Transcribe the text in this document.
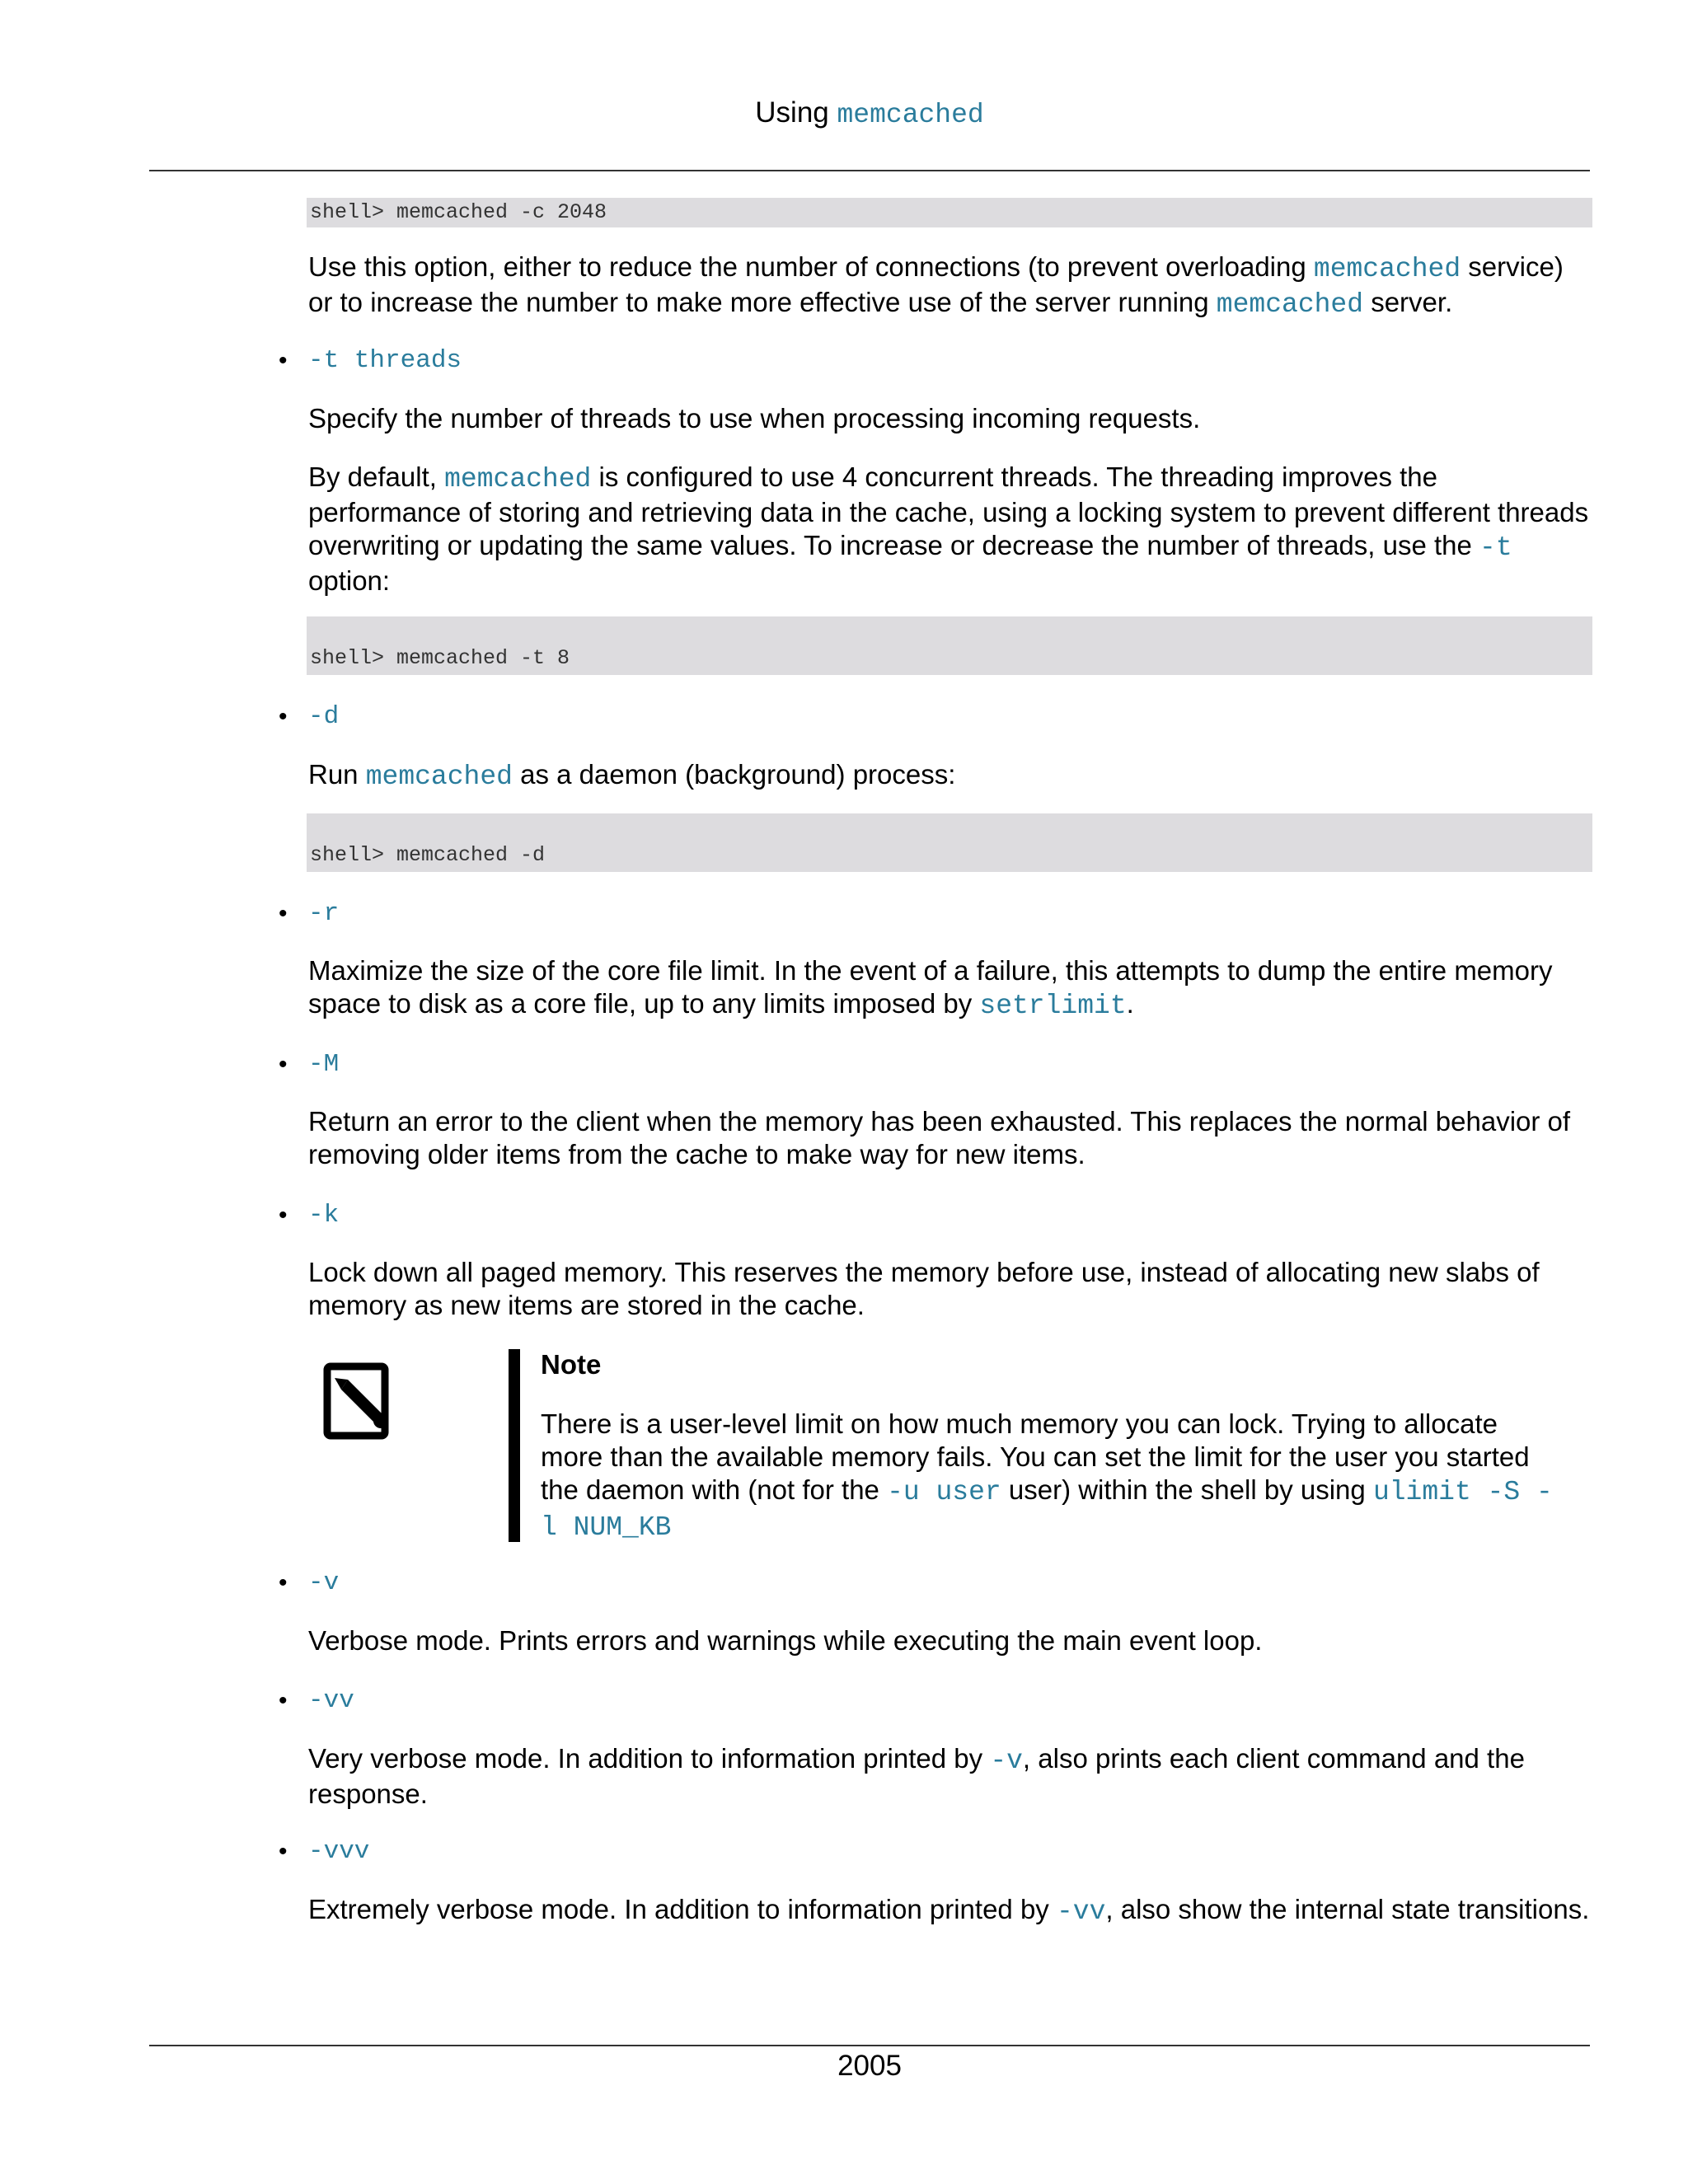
Using memcached
shell> memcached -c 2048

Use this option, either to reduce the number of connections (to prevent overloading memcached service) or to increase the number to make more effective use of the server running memcached server.

• -t threads

Specify the number of threads to use when processing incoming requests.

By default, memcached is configured to use 4 concurrent threads. The threading improves the performance of storing and retrieving data in the cache, using a locking system to prevent different threads overwriting or updating the same values. To increase or decrease the number of threads, use the -t option:

shell> memcached -t 8
• -d

Run memcached as a daemon (background) process:

shell> memcached -d
• -r

Maximize the size of the core file limit. In the event of a failure, this attempts to dump the entire memory space to disk as a core file, up to any limits imposed by setrlimit.

• -M

Return an error to the client when the memory has been exhausted. This replaces the normal behavior of removing older items from the cache to make way for new items.

• -k

Lock down all paged memory. This reserves the memory before use, instead of allocating new slabs of memory as new items are stored in the cache.

Note
There is a user-level limit on how much memory you can lock. Trying to allocate more than the available memory fails. You can set the limit for the user you started the daemon with (not for the -u user user) within the shell by using ulimit -S -l NUM_KB
• -v

Verbose mode. Prints errors and warnings while executing the main event loop.

• -vv

Very verbose mode. In addition to information printed by -v, also prints each client command and the response.

• -vvv

Extremely verbose mode. In addition to information printed by -vv, also show the internal state transitions.

2005
